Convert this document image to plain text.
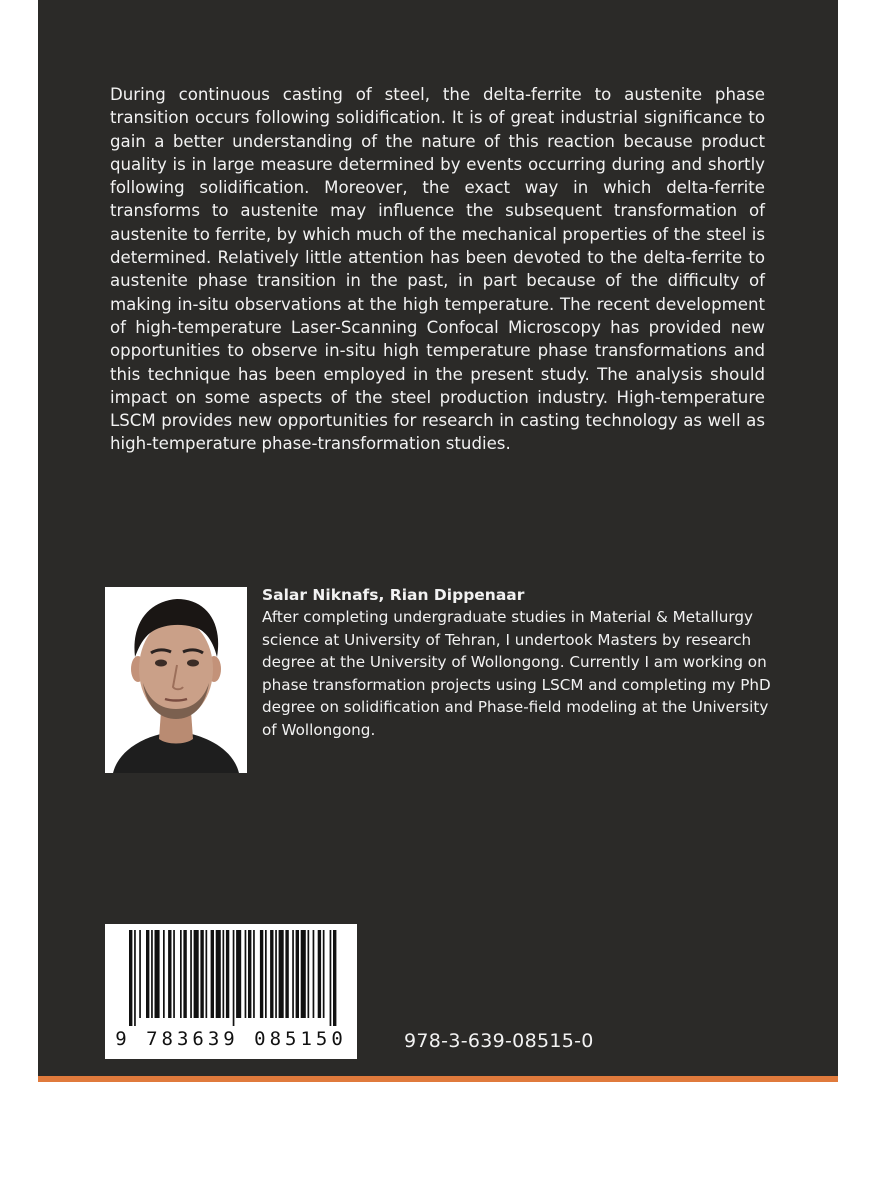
During continuous casting of steel, the delta-ferrite to austenite phase transition occurs following solidification. It is of great industrial significance to gain a better understanding of the nature of this reaction because product quality is in large measure determined by events occurring during and shortly following solidification. Moreover, the exact way in which delta-ferrite transforms to austenite may influence the subsequent transformation of austenite to ferrite, by which much of the mechanical properties of the steel is determined. Relatively little attention has been devoted to the delta-ferrite to austenite phase transition in the past, in part because of the difficulty of making in-situ observations at the high temperature. The recent development of high-temperature Laser-Scanning Confocal Microscopy has provided new opportunities to observe in-situ high temperature phase transformations and this technique has been employed in the present study. The analysis should impact on some aspects of the steel production industry. High-temperature LSCM provides new opportunities for research in casting technology as well as high-temperature phase-transformation studies.

Salar Niknafs, Rian Dippenaar

After completing undergraduate studies in Material & Metallurgy science at University of Tehran, I undertook Masters by research degree at the University of Wollongong. Currently I am working on phase transformation projects using LSCM and completing my PhD degree on solidification and Phase-field modeling at the University of Wollongong.

9 783639 085150	978-3-639-08515-0
